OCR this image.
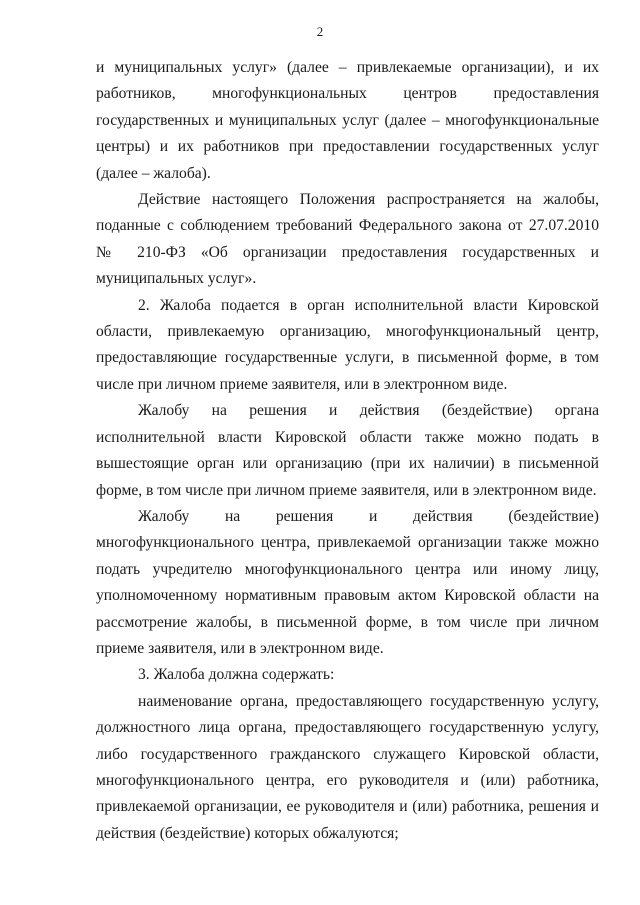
2

и муниципальных услуг» (далее – привлекаемые организации), и их работников, многофункциональных центров предоставления государственных и муниципальных услуг (далее – многофункциональные центры) и их работников при предоставлении государственных услуг (далее – жалоба).

Действие настоящего Положения распространяется на жалобы, поданные с соблюдением требований Федерального закона от 27.07.2010 № 210-ФЗ «Об организации предоставления государственных и муниципальных услуг».

2. Жалоба подается в орган исполнительной власти Кировской области, привлекаемую организацию, многофункциональный центр, предоставляющие государственные услуги, в письменной форме, в том числе при личном приеме заявителя, или в электронном виде.

Жалобу на решения и действия (бездействие) органа исполнительной власти Кировской области также можно подать в вышестоящие орган или организацию (при их наличии) в письменной форме, в том числе при личном приеме заявителя, или в электронном виде.

Жалобу на решения и действия (бездействие) многофункционального центра, привлекаемой организации также можно подать учредителю многофункционального центра или иному лицу, уполномоченному нормативным правовым актом Кировской области на рассмотрение жалобы, в письменной форме, в том числе при личном приеме заявителя, или в электронном виде.

3. Жалоба должна содержать:

наименование органа, предоставляющего государственную услугу, должностного лица органа, предоставляющего государственную услугу, либо государственного гражданского служащего Кировской области, многофункционального центра, его руководителя и (или) работника, привлекаемой организации, ее руководителя и (или) работника, решения и действия (бездействие) которых обжалуются;
